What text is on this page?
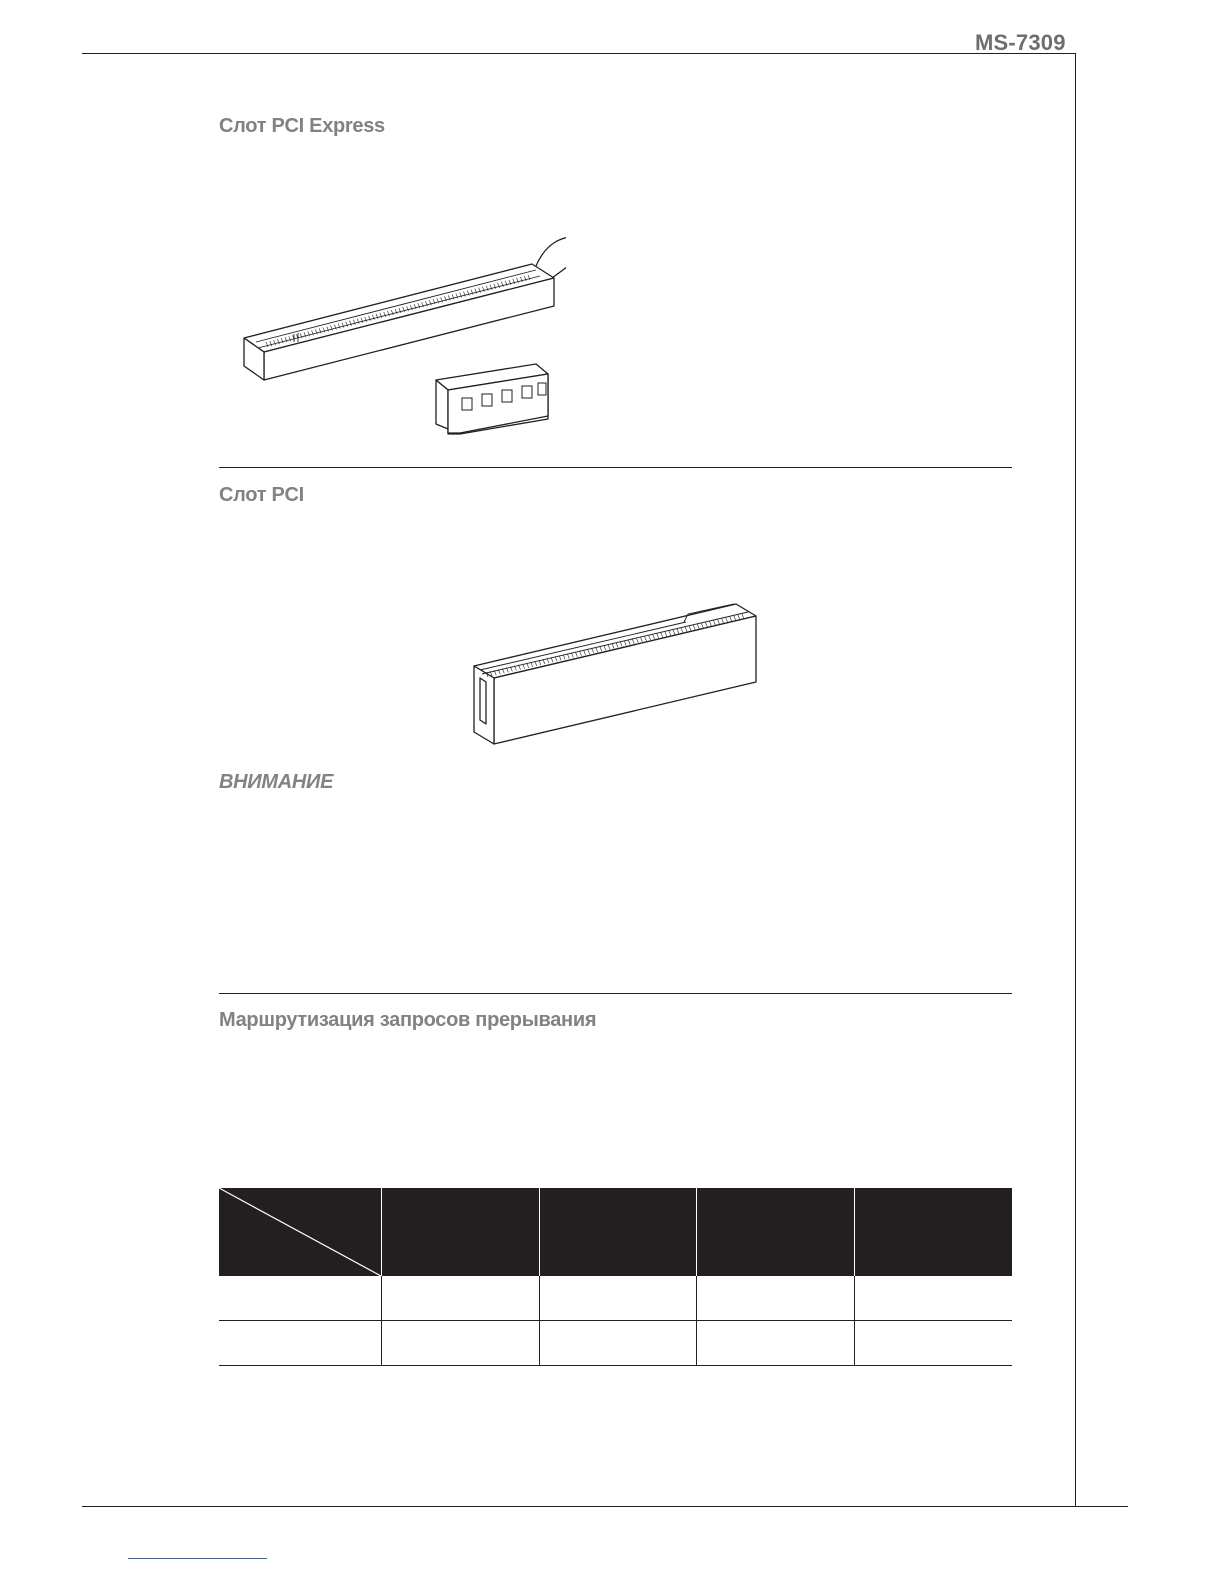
MS-7309
Слот PCI Express
Слот PCI
ВНИМАНИЕ
Маршрутизация запросов прерывания
